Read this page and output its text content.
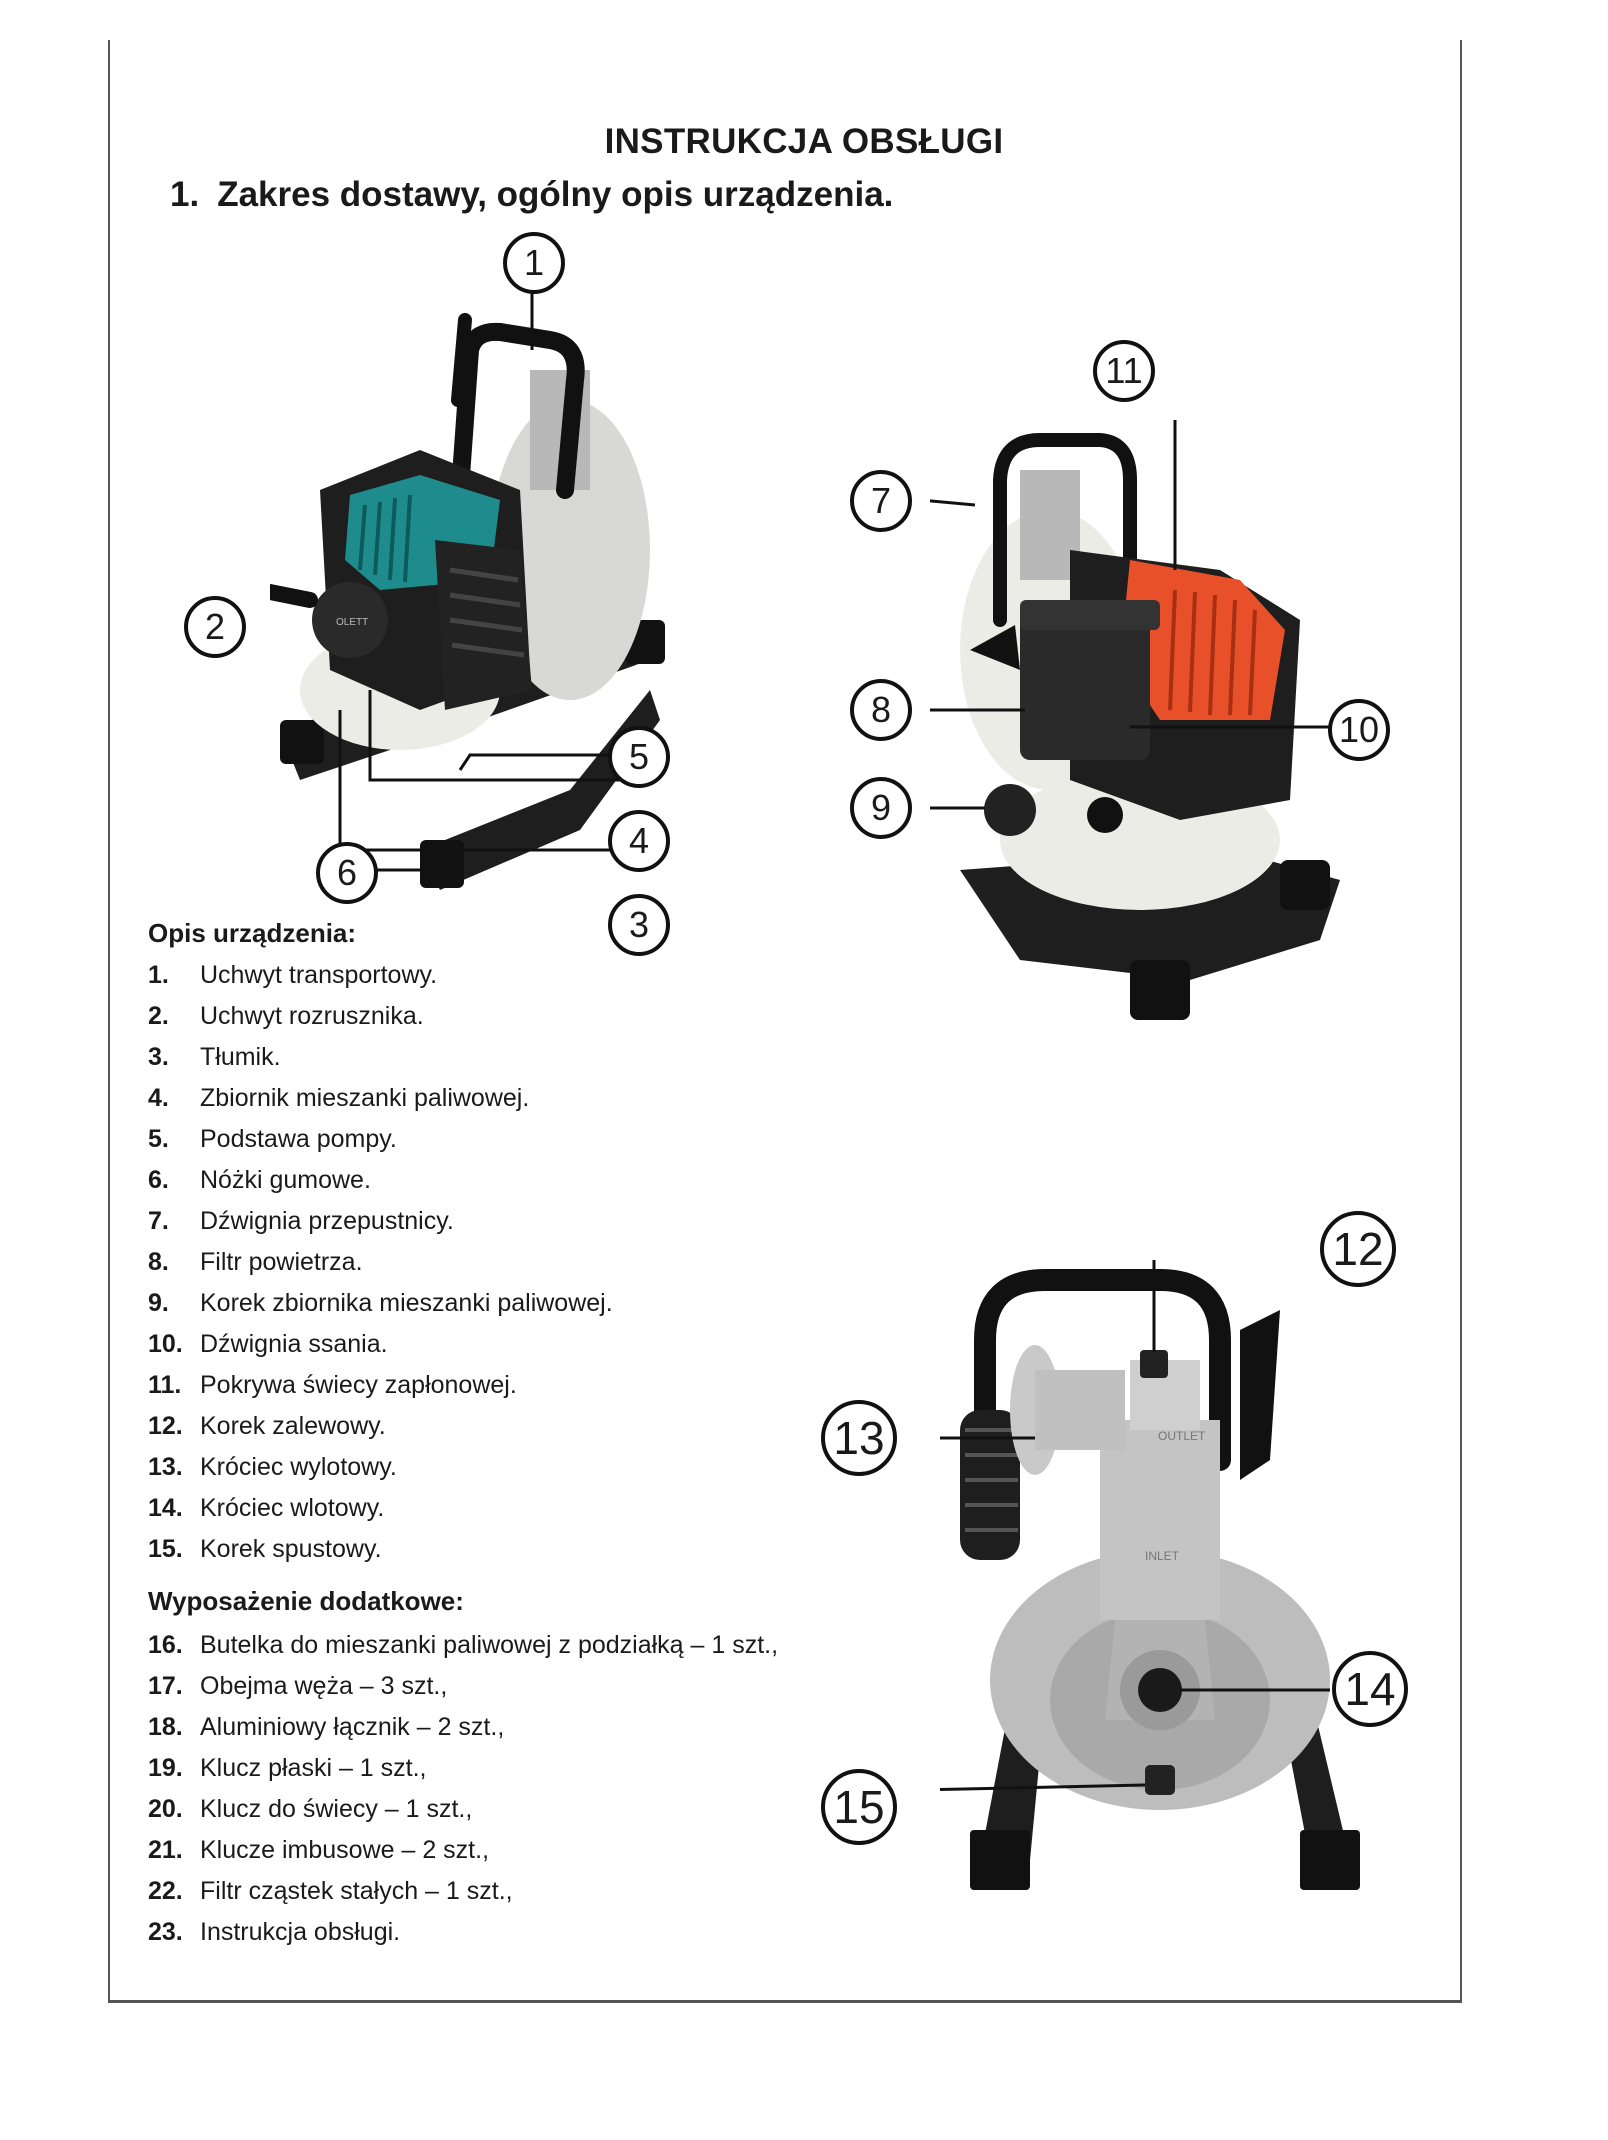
INSTRUKCJA OBSŁUGI
1. Zakres dostawy, ogólny opis urządzenia.
OLETT
OUTLET
INLET
1
2
3
4
5
6
7
8
9
10
11
12
13
14
15
Opis urządzenia:
1. Uchwyt transportowy.
2. Uchwyt rozrusznika.
3. Tłumik.
4. Zbiornik mieszanki paliwowej.
5. Podstawa pompy.
6. Nóżki gumowe.
7. Dźwignia przepustnicy.
8. Filtr powietrza.
9. Korek zbiornika mieszanki paliwowej.
10. Dźwignia ssania.
11. Pokrywa świecy zapłonowej.
12. Korek zalewowy.
13. Króciec wylotowy.
14. Króciec wlotowy.
15. Korek spustowy.
Wyposażenie dodatkowe:
16. Butelka do mieszanki paliwowej z podziałką – 1 szt.,
17. Obejma węża – 3 szt.,
18. Aluminiowy łącznik – 2 szt.,
19. Klucz płaski – 1 szt.,
20. Klucz do świecy – 1 szt.,
21. Klucze imbusowe – 2 szt.,
22. Filtr cząstek stałych – 1 szt.,
23. Instrukcja obsługi.
